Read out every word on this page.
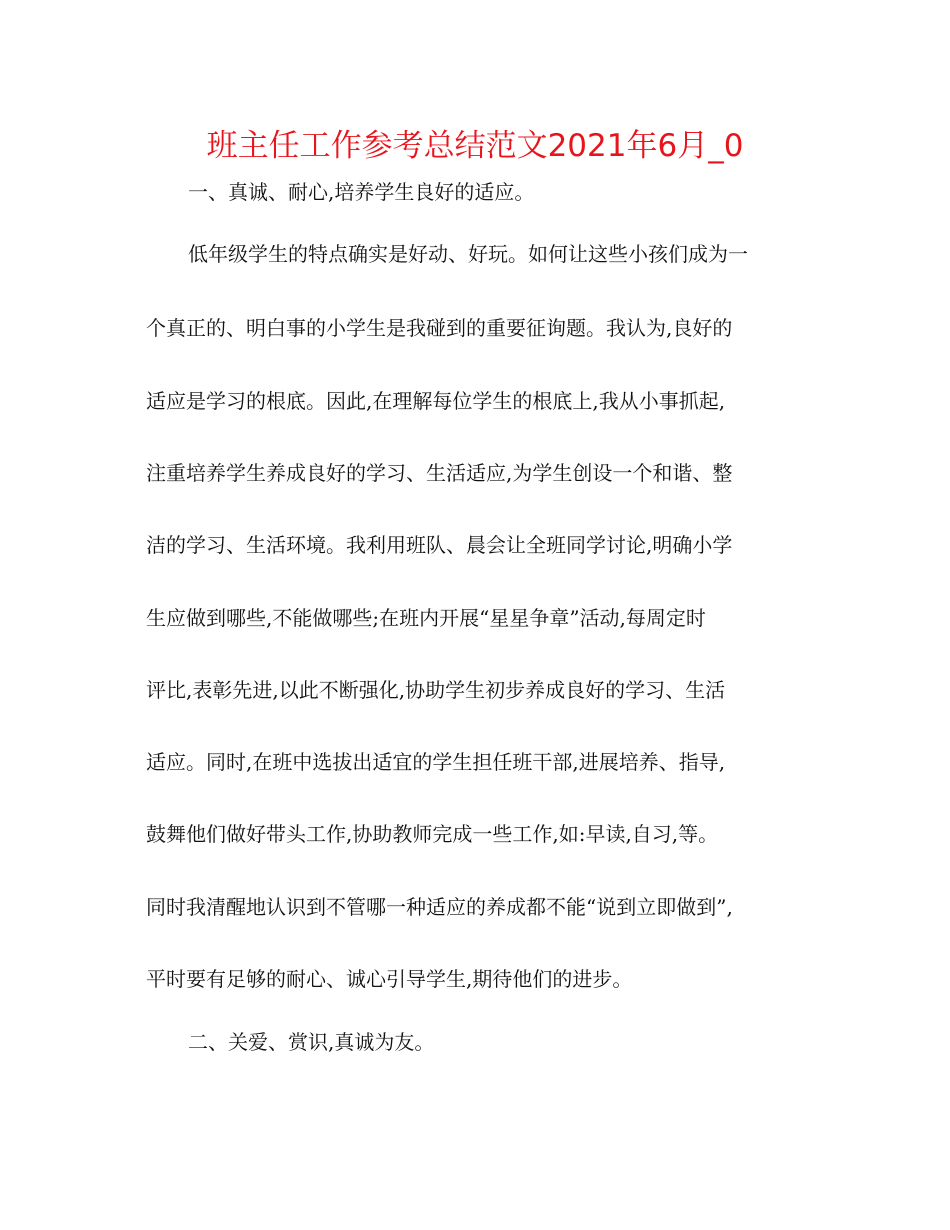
班主任工作参考总结范文2021年6月_0
一、真诚、耐心,培养学生良好的适应。
低年级学生的特点确实是好动、好玩。如何让这些小孩们成为一
个真正的、明白事的小学生是我碰到的重要征询题。我认为,良好的
适应是学习的根底。因此,在理解每位学生的根底上,我从小事抓起,
注重培养学生养成良好的学习、生活适应,为学生创设一个和谐、整
洁的学习、生活环境。我利用班队、晨会让全班同学讨论,明确小学
生应做到哪些,不能做哪些;在班内开展“星星争章”活动,每周定时
评比,表彰先进,以此不断强化,协助学生初步养成良好的学习、生活
适应。同时,在班中选拔出适宜的学生担任班干部,进展培养、指导,
鼓舞他们做好带头工作,协助教师完成一些工作,如:早读,自习,等。
同时我清醒地认识到不管哪一种适应的养成都不能“说到立即做到”,
平时要有足够的耐心、诚心引导学生,期待他们的进步。
二、关爱、赏识,真诚为友。
